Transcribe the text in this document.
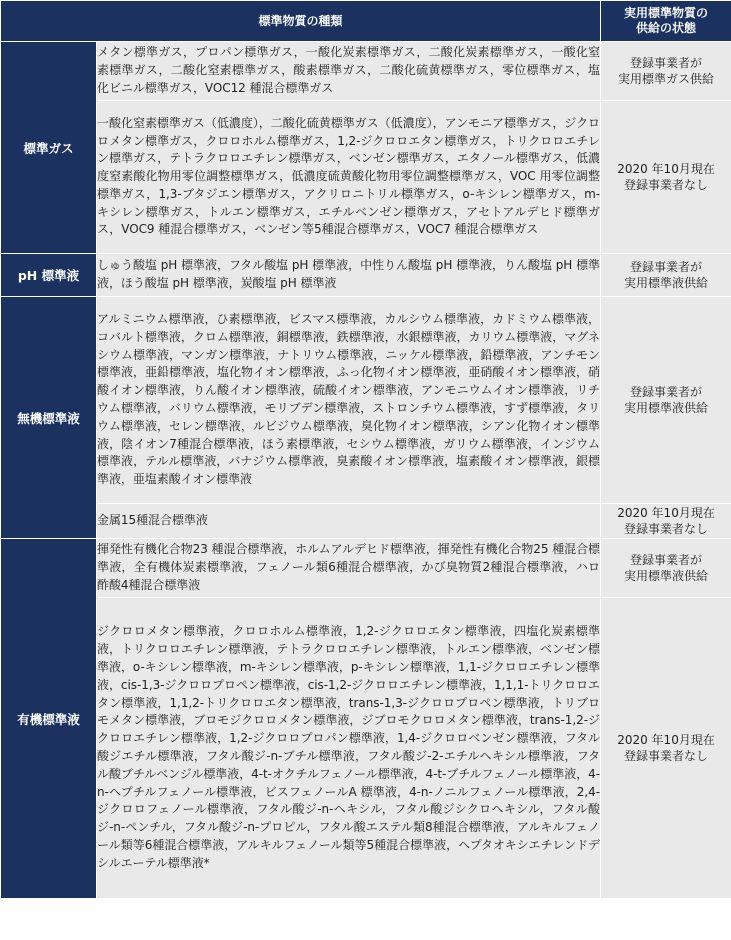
標準物質の種類		実用標準物質の
供給の状態

標準ガス	メタン標準ガス，プロパン標準ガス，一酸化炭素標準ガス，二酸化炭素標準ガス，一酸化窒素標準ガス，二酸化窒素標準ガス，酸素標準ガス，二酸化硫黄標準ガス，零位標準ガス，塩化ビニル標準ガス，VOC12 種混合標準ガス	登録事業者が
実用標準ガス供給

	一酸化窒素標準ガス（低濃度），二酸化硫黄標準ガス（低濃度），アンモニア標準ガス，ジクロロメタン標準ガス，クロロホルム標準ガス，1,2-ジクロロエタン標準ガス，トリクロロエチレン標準ガス，テトラクロロエチレン標準ガス，ベンゼン標準ガス，エタノール標準ガス，低濃度窒素酸化物用零位調整標準ガス，低濃度硫黄酸化物用零位調整標準ガス，VOC 用零位調整標準ガス，1,3-ブタジエン標準ガス，アクリロニトリル標準ガス，o-キシレン標準ガス，m-キシレン標準ガス，トルエン標準ガス，エチルベンゼン標準ガス，アセトアルデヒド標準ガス，VOC9 種混合標準ガス，ベンゼン等5種混合標準ガス，VOC7 種混合標準ガス	2020 年10月現在
登録事業者なし

pH 標準液	しゅう酸塩 pH 標準液，フタル酸塩 pH 標準液，中性りん酸塩 pH 標準液，りん酸塩 pH 標準液，ほう酸塩 pH 標準液，炭酸塩 pH 標準液	登録事業者が
実用標準液供給

無機標準液	アルミニウム標準液，ひ素標準液，ビスマス標準液，カルシウム標準液，カドミウム標準液，コバルト標準液，クロム標準液，銅標準液，鉄標準液，水銀標準液，カリウム標準液，マグネシウム標準液，マンガン標準液，ナトリウム標準液，ニッケル標準液，鉛標準液，アンチモン標準液，亜鉛標準液，塩化物イオン標準液，ふっ化物イオン標準液，亜硝酸イオン標準液，硝酸イオン標準液，りん酸イオン標準液，硫酸イオン標準液，アンモニウムイオン標準液，リチウム標準液，バリウム標準液，モリブデン標準液，ストロンチウム標準液，すず標準液，タリウム標準液，セレン標準液，ルビジウム標準液，臭化物イオン標準液，シアン化物イオン標準液，陰イオン7種混合標準液，ほう素標準液，セシウム標準液，ガリウム標準液，インジウム標準液，テルル標準液，バナジウム標準液，臭素酸イオン標準液，塩素酸イオン標準液，銀標準液，亜塩素酸イオン標準液	登録事業者が
実用標準液供給

	金属15種混合標準液	2020 年10月現在
登録事業者なし

有機標準液	揮発性有機化合物23 種混合標準液，ホルムアルデヒド標準液，揮発性有機化合物25 種混合標準液，全有機体炭素標準液，フェノール類6種混合標準液，かび臭物質2種混合標準液，ハロ酢酸4種混合標準液	登録事業者が
実用標準液供給

	ジクロロメタン標準液，クロロホルム標準液，1,2-ジクロロエタン標準液，四塩化炭素標準液，トリクロロエチレン標準液，テトラクロロエチレン標準液，トルエン標準液，ベンゼン標準液，o-キシレン標準液，m-キシレン標準液，p-キシレン標準液，1,1-ジクロロエチレン標準液，cis-1,3-ジクロロプロペン標準液，cis-1,2-ジクロロエチレン標準液，1,1,1-トリクロロエタン標準液，1,1,2-トリクロロエタン標準液，trans-1,3-ジクロロプロペン標準液，トリブロモメタン標準液，ブロモジクロロメタン標準液，ジブロモクロロメタン標準液，trans-1,2-ジクロロエチレン標準液，1,2-ジクロロプロパン標準液，1,4-ジクロロベンゼン標準液，フタル酸ジエチル標準液，フタル酸ジ-n-ブチル標準液，フタル酸ジ-2-エチルヘキシル標準液，フタル酸ブチルベンジル標準液，4-t-オクチルフェノール標準液，4-t-ブチルフェノール標準液，4-n-ヘプチルフェノール標準液，ビスフェノールA 標準液，4-n-ノニルフェノール標準液，2,4-ジクロロフェノール標準液，フタル酸ジ-n-ヘキシル，フタル酸ジシクロヘキシル，フタル酸ジ-n-ペンチル，フタル酸ジ-n-プロピル，フタル酸エステル類8種混合標準液，アルキルフェノール類等6種混合標準液，アルキルフェノール類等5種混合標準液，ヘプタオキシエチレンドデシルエーテル標準液*	2020 年10月現在
登録事業者なし
